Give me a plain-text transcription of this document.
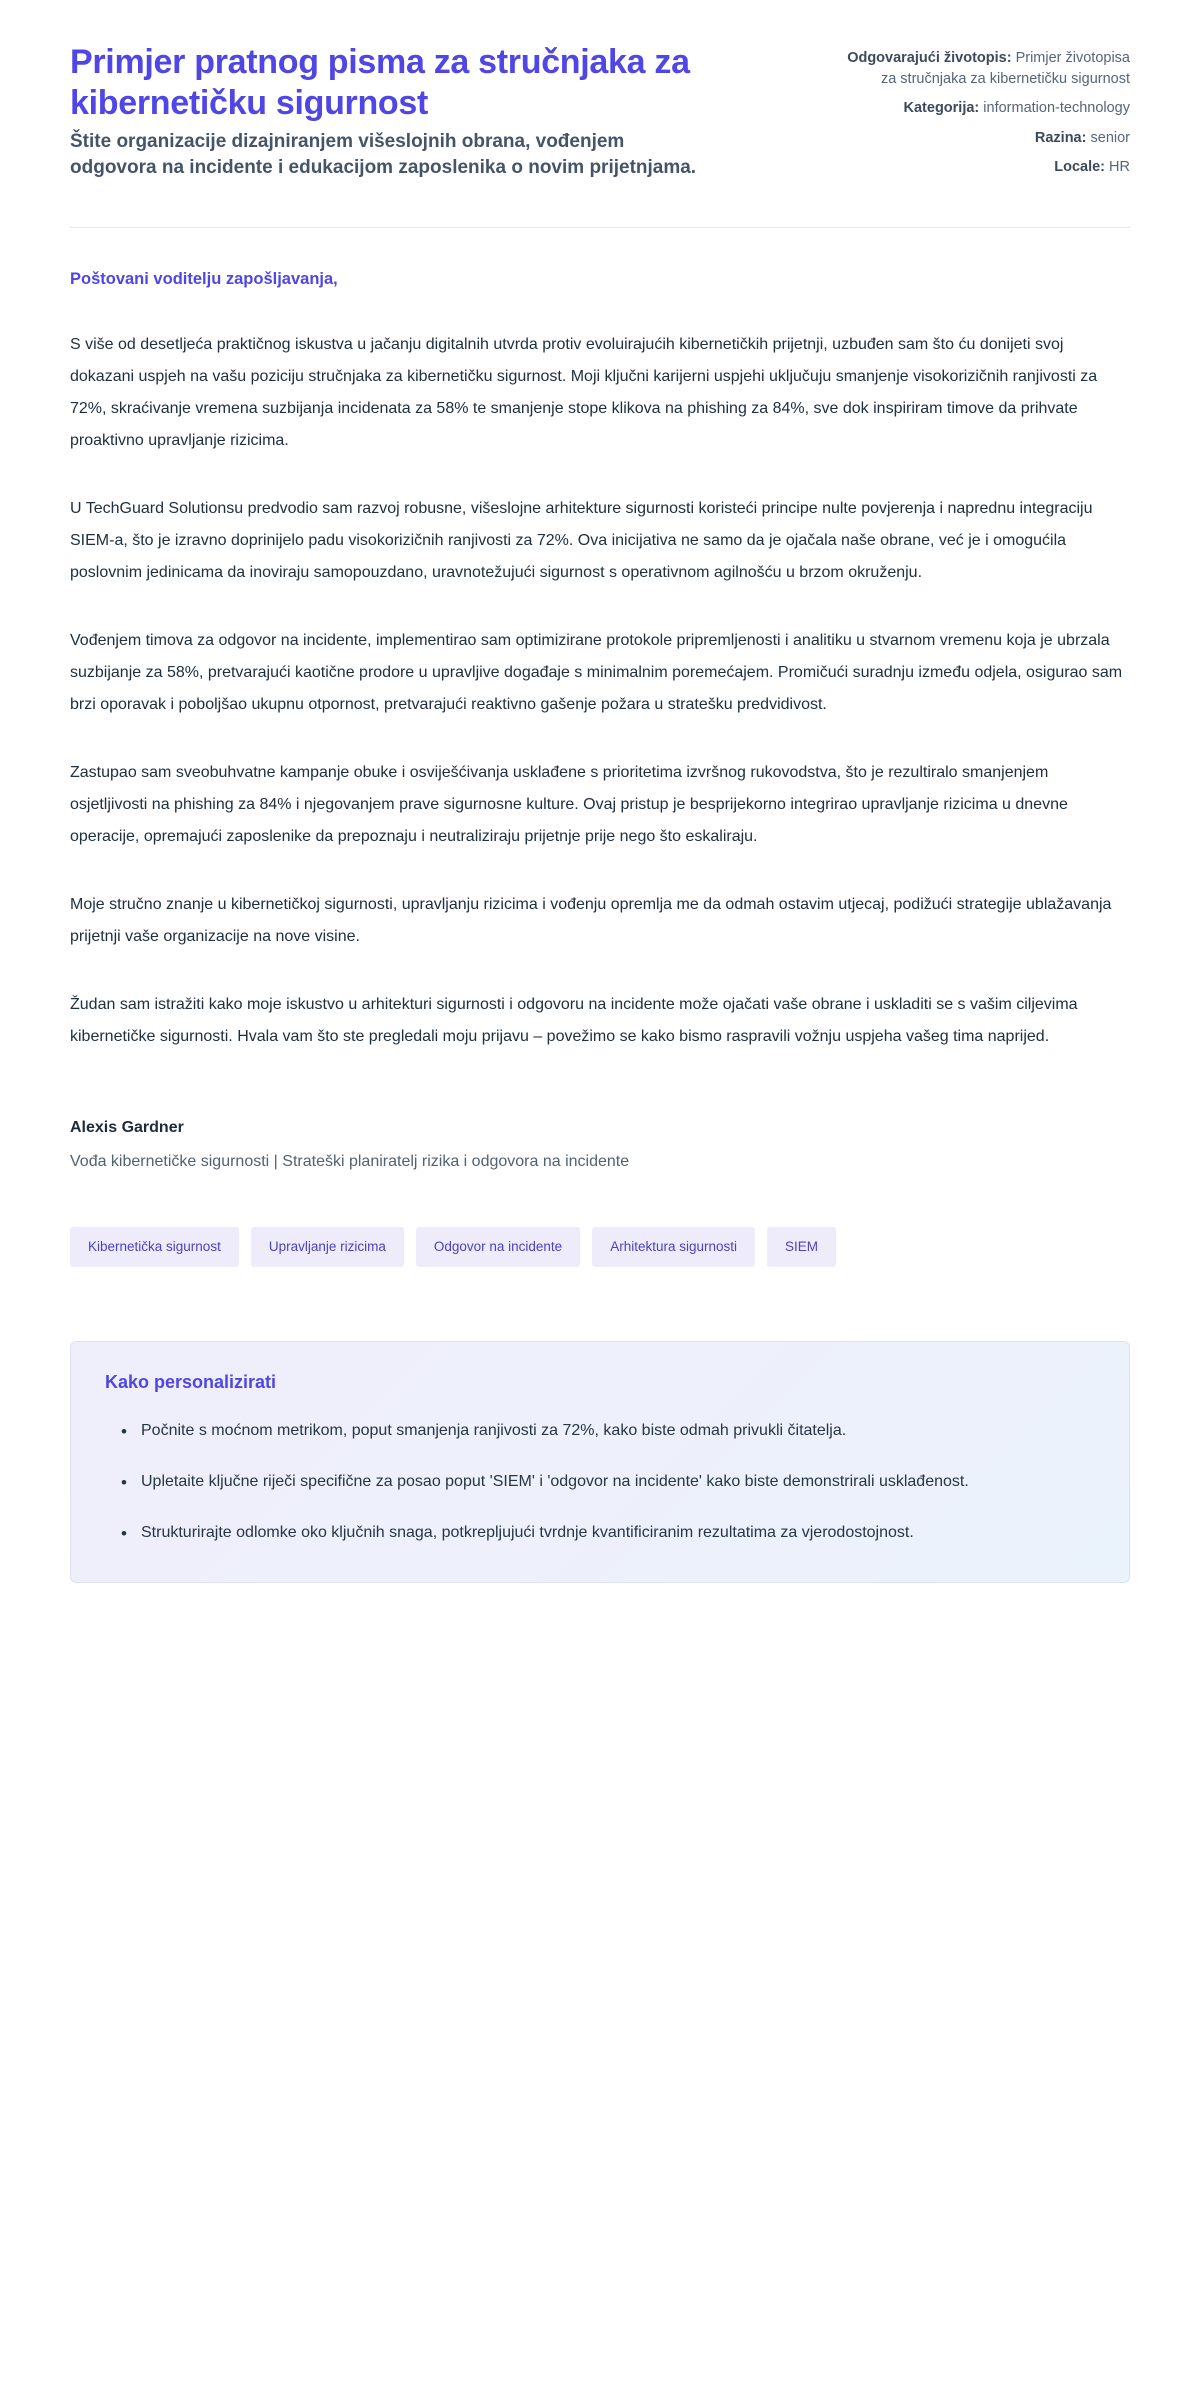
Primjer pratnog pisma za stručnjaka za kibernetičku sigurnost

Štite organizacije dizajniranjem višeslojnih obrana, vođenjem odgovora na incidente i edukacijom zaposlenika o novim prijetnjama.

Odgovarajući životopis: Primjer životopisa za stručnjaka za kibernetičku sigurnost
Kategorija: information-technology
Razina: senior
Locale: HR

Poštovani voditelju zapošljavanja,

S više od desetljeća praktičnog iskustva u jačanju digitalnih utvrda protiv evoluirajućih kibernetičkih prijetnji, uzbuđen sam što ću donijeti svoj dokazani uspjeh na vašu poziciju stručnjaka za kibernetičku sigurnost. Moji ključni karijerni uspjehi uključuju smanjenje visokorizičnih ranjivosti za 72%, skraćivanje vremena suzbijanja incidenata za 58% te smanjenje stope klikova na phishing za 84%, sve dok inspiriram timove da prihvate proaktivno upravljanje rizicima.

U TechGuard Solutionsu predvodio sam razvoj robusne, višeslojne arhitekture sigurnosti koristeći principe nulte povjerenja i naprednu integraciju SIEM-a, što je izravno doprinijelo padu visokorizičnih ranjivosti za 72%. Ova inicijativa ne samo da je ojačala naše obrane, već je i omogućila poslovnim jedinicama da inoviraju samopouzdano, uravnotežujući sigurnost s operativnom agilnošću u brzom okruženju.

Vođenjem timova za odgovor na incidente, implementirao sam optimizirane protokole pripremljenosti i analitiku u stvarnom vremenu koja je ubrzala suzbijanje za 58%, pretvarajući kaotične prodore u upravljive događaje s minimalnim poremećajem. Promičući suradnju između odjela, osigurao sam brzi oporavak i poboljšao ukupnu otpornost, pretvarajući reaktivno gašenje požara u stratešku predvidivost.

Zastupao sam sveobuhvatne kampanje obuke i osviješćivanja usklađene s prioritetima izvršnog rukovodstva, što je rezultiralo smanjenjem osjetljivosti na phishing za 84% i njegovanjem prave sigurnosne kulture. Ovaj pristup je besprijekorno integrirao upravljanje rizicima u dnevne operacije, opremajući zaposlenike da prepoznaju i neutraliziraju prijetnje prije nego što eskaliraju.

Moje stručno znanje u kibernetičkoj sigurnosti, upravljanju rizicima i vođenju opremlja me da odmah ostavim utjecaj, podižući strategije ublažavanja prijetnji vaše organizacije na nove visine.

Žudan sam istražiti kako moje iskustvo u arhitekturi sigurnosti i odgovoru na incidente može ojačati vaše obrane i uskladiti se s vašim ciljevima kibernetičke sigurnosti. Hvala vam što ste pregledali moju prijavu – povežimo se kako bismo raspravili vožnju uspjeha vašeg tima naprijed.

Alexis Gardner

Vođa kibernetičke sigurnosti | Strateški planiratelj rizika i odgovora na incidente

Kibernetička sigurnost	Upravljanje rizicima	Odgovor na incidente	Arhitektura sigurnosti	SIEM
Kako personalizirati
• Počnite s moćnom metrikom, poput smanjenja ranjivosti za 72%, kako biste odmah privukli čitatelja.
• Upletaite ključne riječi specifične za posao poput 'SIEM' i 'odgovor na incidente' kako biste demonstrirali usklađenost.
• Strukturirajte odlomke oko ključnih snaga, potkrepljujući tvrdnje kvantificiranim rezultatima za vjerodostojnost.
